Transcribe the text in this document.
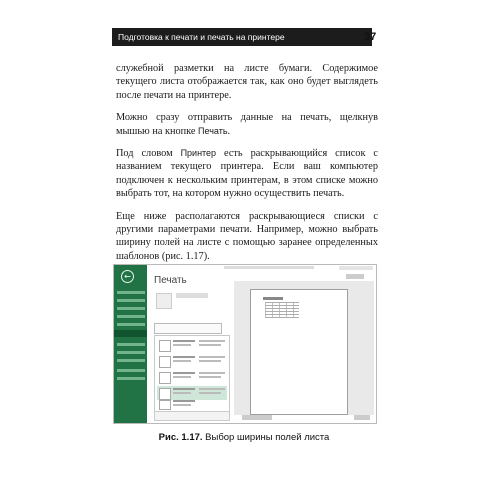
Подготовка к печати и печать на принтере	37

служебной разметки на листе бумаги. Содержимое текущего листа отображается так, как оно будет выглядеть после печати на принтере.

Можно сразу отправить данные на печать, щелкнув мышью на кнопке Печать.

Под словом Принтер есть раскрывающийся список с названием текущего принтера. Если ваш компьютер подключен к нескольким принтерам, в этом списке можно выбрать тот, на котором нужно осуществить печать.

Еще ниже располагаются раскрывающиеся списки с другими параметрами печати. Например, можно выбрать ширину полей на листе с помощью заранее определенных шаблонов (рис. 1.17).

←	Печать
Рис. 1.17. Выбор ширины полей листа
